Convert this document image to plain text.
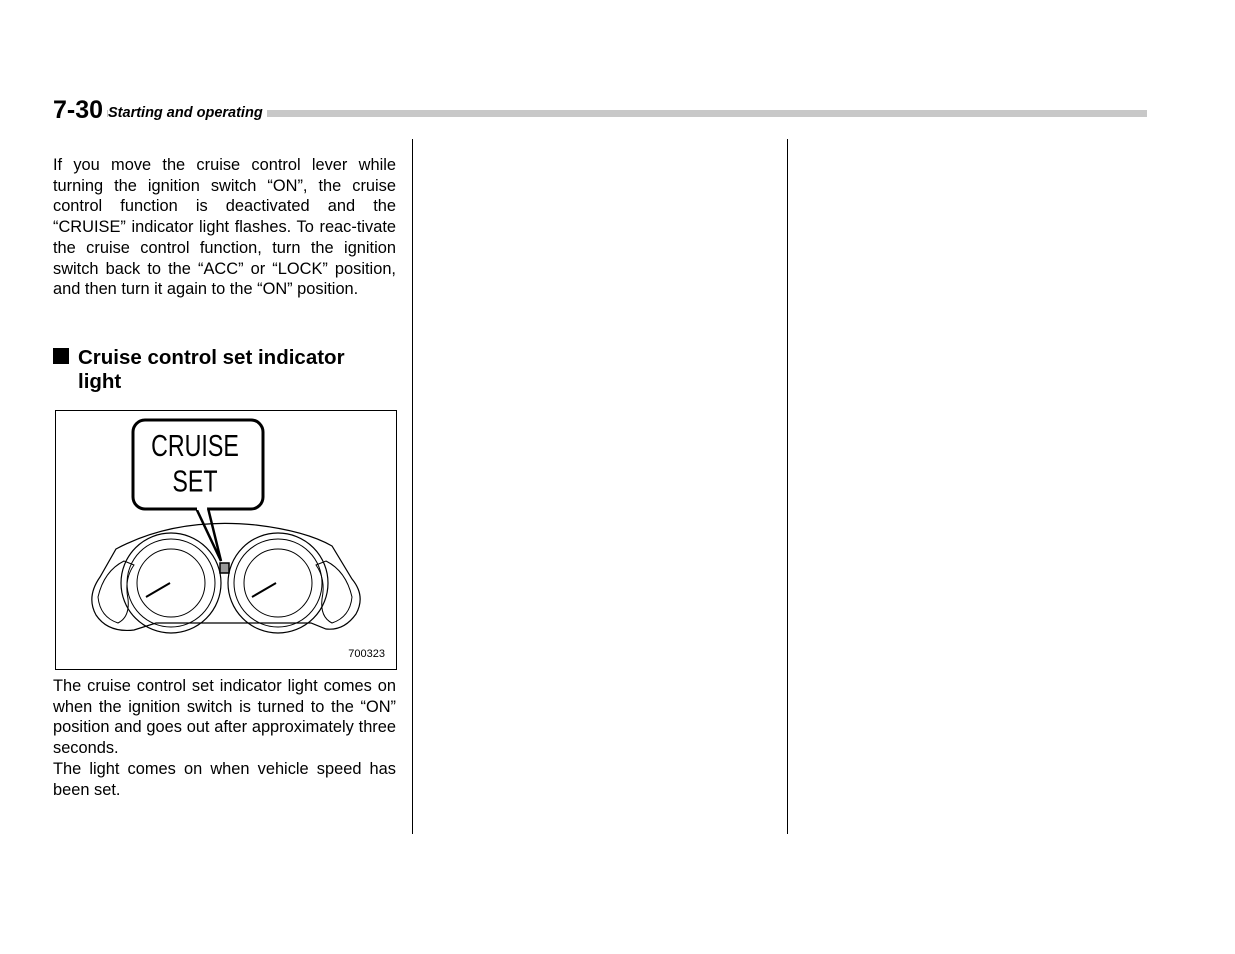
7-30 Starting and operating

If you move the cruise control lever while turning the ignition switch “ON”, the cruise control function is deactivated and the “CRUISE” indicator light flashes. To reac-tivate the cruise control function, turn the ignition switch back to the “ACC” or “LOCK” position, and then turn it again to the “ON” position.

Cruise control set indicator
light
CRUISE
SET
700323

The cruise control set indicator light comes on when the ignition switch is turned to the “ON” position and goes out after approximately three seconds.

The light comes on when vehicle speed has been set.
